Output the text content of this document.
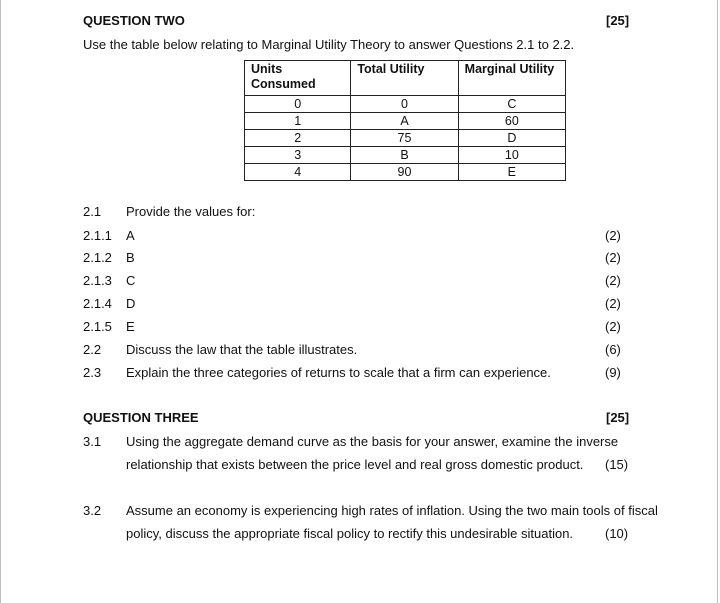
QUESTION TWO	[25]
Use the table below relating to Marginal Utility Theory to answer Questions 2.1 to 2.2.
Units Consumed	Total Utility	Marginal Utility
0	0	C
1	A	60
2	75	D
3	B	10
4	90	E
2.1 Provide the values for:
2.1.1 A	(2)
2.1.2 B	(2)
2.1.3 C	(2)
2.1.4 D	(2)
2.1.5 E	(2)
2.2 Discuss the law that the table illustrates.	(6)
2.3 Explain the three categories of returns to scale that a firm can experience.	(9)
QUESTION THREE	[25]
3.1 Using the aggregate demand curve as the basis for your answer, examine the inverse
relationship that exists between the price level and real gross domestic product. (15)
3.2 Assume an economy is experiencing high rates of inflation. Using the two main tools of fiscal
policy, discuss the appropriate fiscal policy to rectify this undesirable situation. (10)
